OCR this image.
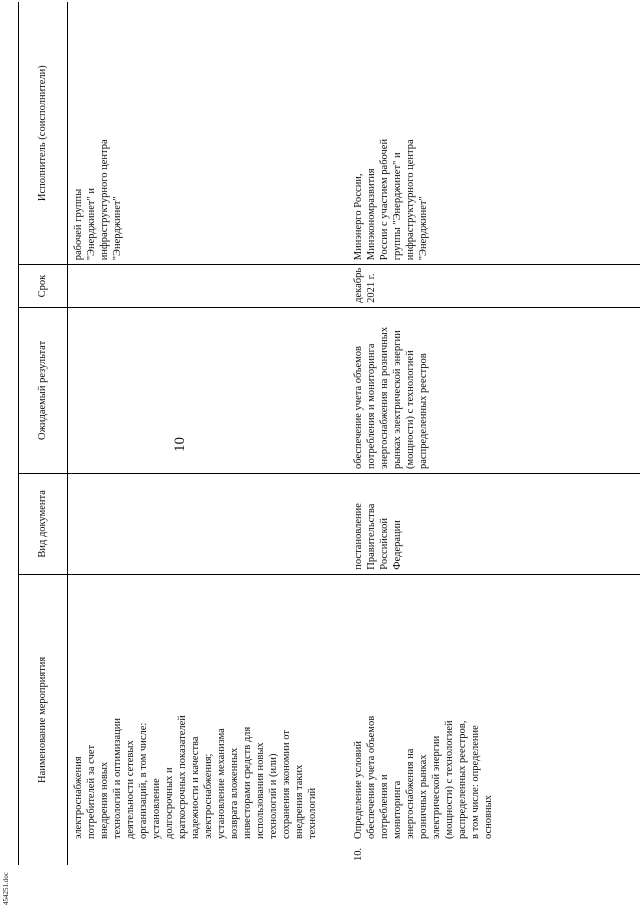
Наименование мероприятия	Вид документа	Ожидаемый результат	Срок	Исполнитель (соисполнители)
электроснабжения потребителей за счет внедрения новых технологий и оптимизации деятельности сетевых организаций, в том числе: установление долгосрочных и краткосрочных показателей надежности и качества электроснабжения; установление механизма возврата вложенных инвесторами средств для использования новых технологий и (или) сохранения экономии от внедрения таких технологий				рабочей группы "Энерджинет" и инфраструктурного центра "Энерджинет"
10.Определение условий обеспечения учета объемов потребления и мониторинга энергоснабжения на розничных рынках электрической энергии (мощности) с технологией распределенных реестров, в том числе: определение основных	постановление Правительства Российской Федерации	обеспечение учета объемов потребления и мониторинга энергоснабжения на розничных рынках электрической энергии (мощности) с технологией распределенных реестров	декабрь 2021 г.	Минэнерго России, Минэкономразвития России с участием рабочей группы "Энерджинет" и инфраструктурного центра "Энерджинет"
10
454251.doc
